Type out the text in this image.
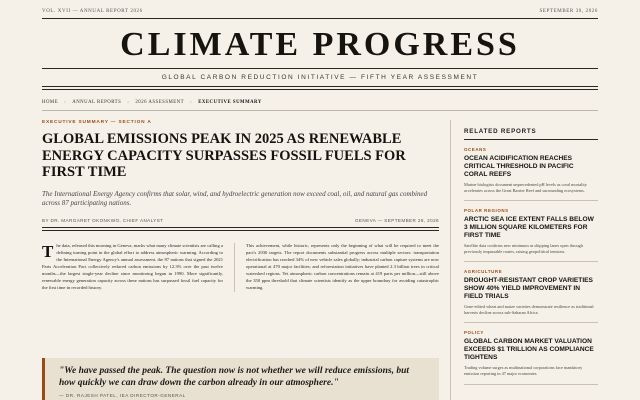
VOL. XVII — ANNUAL REPORT 2026	SEPTEMBER 30, 2026
CLIMATE PROGRESS
GLOBAL CARBON REDUCTION INITIATIVE — FIFTH YEAR ASSESSMENT
HOME › ANNUAL REPORTS › 2026 ASSESSMENT › EXECUTIVE SUMMARY
EXECUTIVE SUMMARY — SECTION A
GLOBAL EMISSIONS PEAK IN 2025 AS RENEWABLE ENERGY CAPACITY SURPASSES FOSSIL FUELS FOR FIRST TIME

The International Energy Agency confirms that solar, wind, and hydroelectric generation now exceed coal, oil, and natural gas combined across 87 participating nations.

BY DR. MARGARET OKONKWO, CHIEF ANALYST	GENEVA — SEPTEMBER 28, 2026

The data, released this morning in Geneva, marks what many climate scientists are calling a defining turning point in the global effort to address atmospheric warming. According to the International Energy Agency's annual assessment, the 87 nations that signed the 2021 Paris Acceleration Pact collectively reduced carbon emissions by 12.3% over the past twelve months—the largest single-year decline since monitoring began in 1990. More significantly, renewable energy generation capacity across these nations has surpassed fossil fuel capacity for the first time in recorded history.

This achievement, while historic, represents only the beginning of what will be required to meet the pact's 2030 targets. The report documents substantial progress across multiple sectors: transportation electrification has reached 34% of new vehicle sales globally; industrial carbon capture systems are now operational at 470 major facilities; and reforestation initiatives have planted 2.3 billion trees in critical watershed regions. Yet atmospheric carbon concentrations remain at 419 parts per million—still above the 350 ppm threshold that climate scientists identify as the upper boundary for avoiding catastrophic warming.

"We have passed the peak. The question now is not whether we will reduce emissions, but how quickly we can draw down the carbon already in our atmosphere."
— DR. RAJESH PATEL, IEA DIRECTOR-GENERAL
RELATED REPORTS
OCEANS
OCEAN ACIDIFICATION REACHES CRITICAL THRESHOLD IN PACIFIC CORAL REEFS
Marine biologists document unprecedented pH levels as coral mortality accelerates across the Great Barrier Reef and surrounding ecosystems.
POLAR REGIONS
ARCTIC SEA ICE EXTENT FALLS BELOW 3 MILLION SQUARE KILOMETERS FOR FIRST TIME
Satellite data confirms new minimum as shipping lanes open through previously impassable routes, raising geopolitical tensions.
AGRICULTURE
DROUGHT-RESISTANT CROP VARIETIES SHOW 40% YIELD IMPROVEMENT IN FIELD TRIALS
Gene-edited wheat and maize varieties demonstrate resilience as traditional harvests decline across sub-Saharan Africa.
POLICY
GLOBAL CARBON MARKET VALUATION EXCEEDS $1 TRILLION AS COMPLIANCE TIGHTENS
Trading volume surges as multinational corporations face mandatory emission reporting in 47 major economies.
